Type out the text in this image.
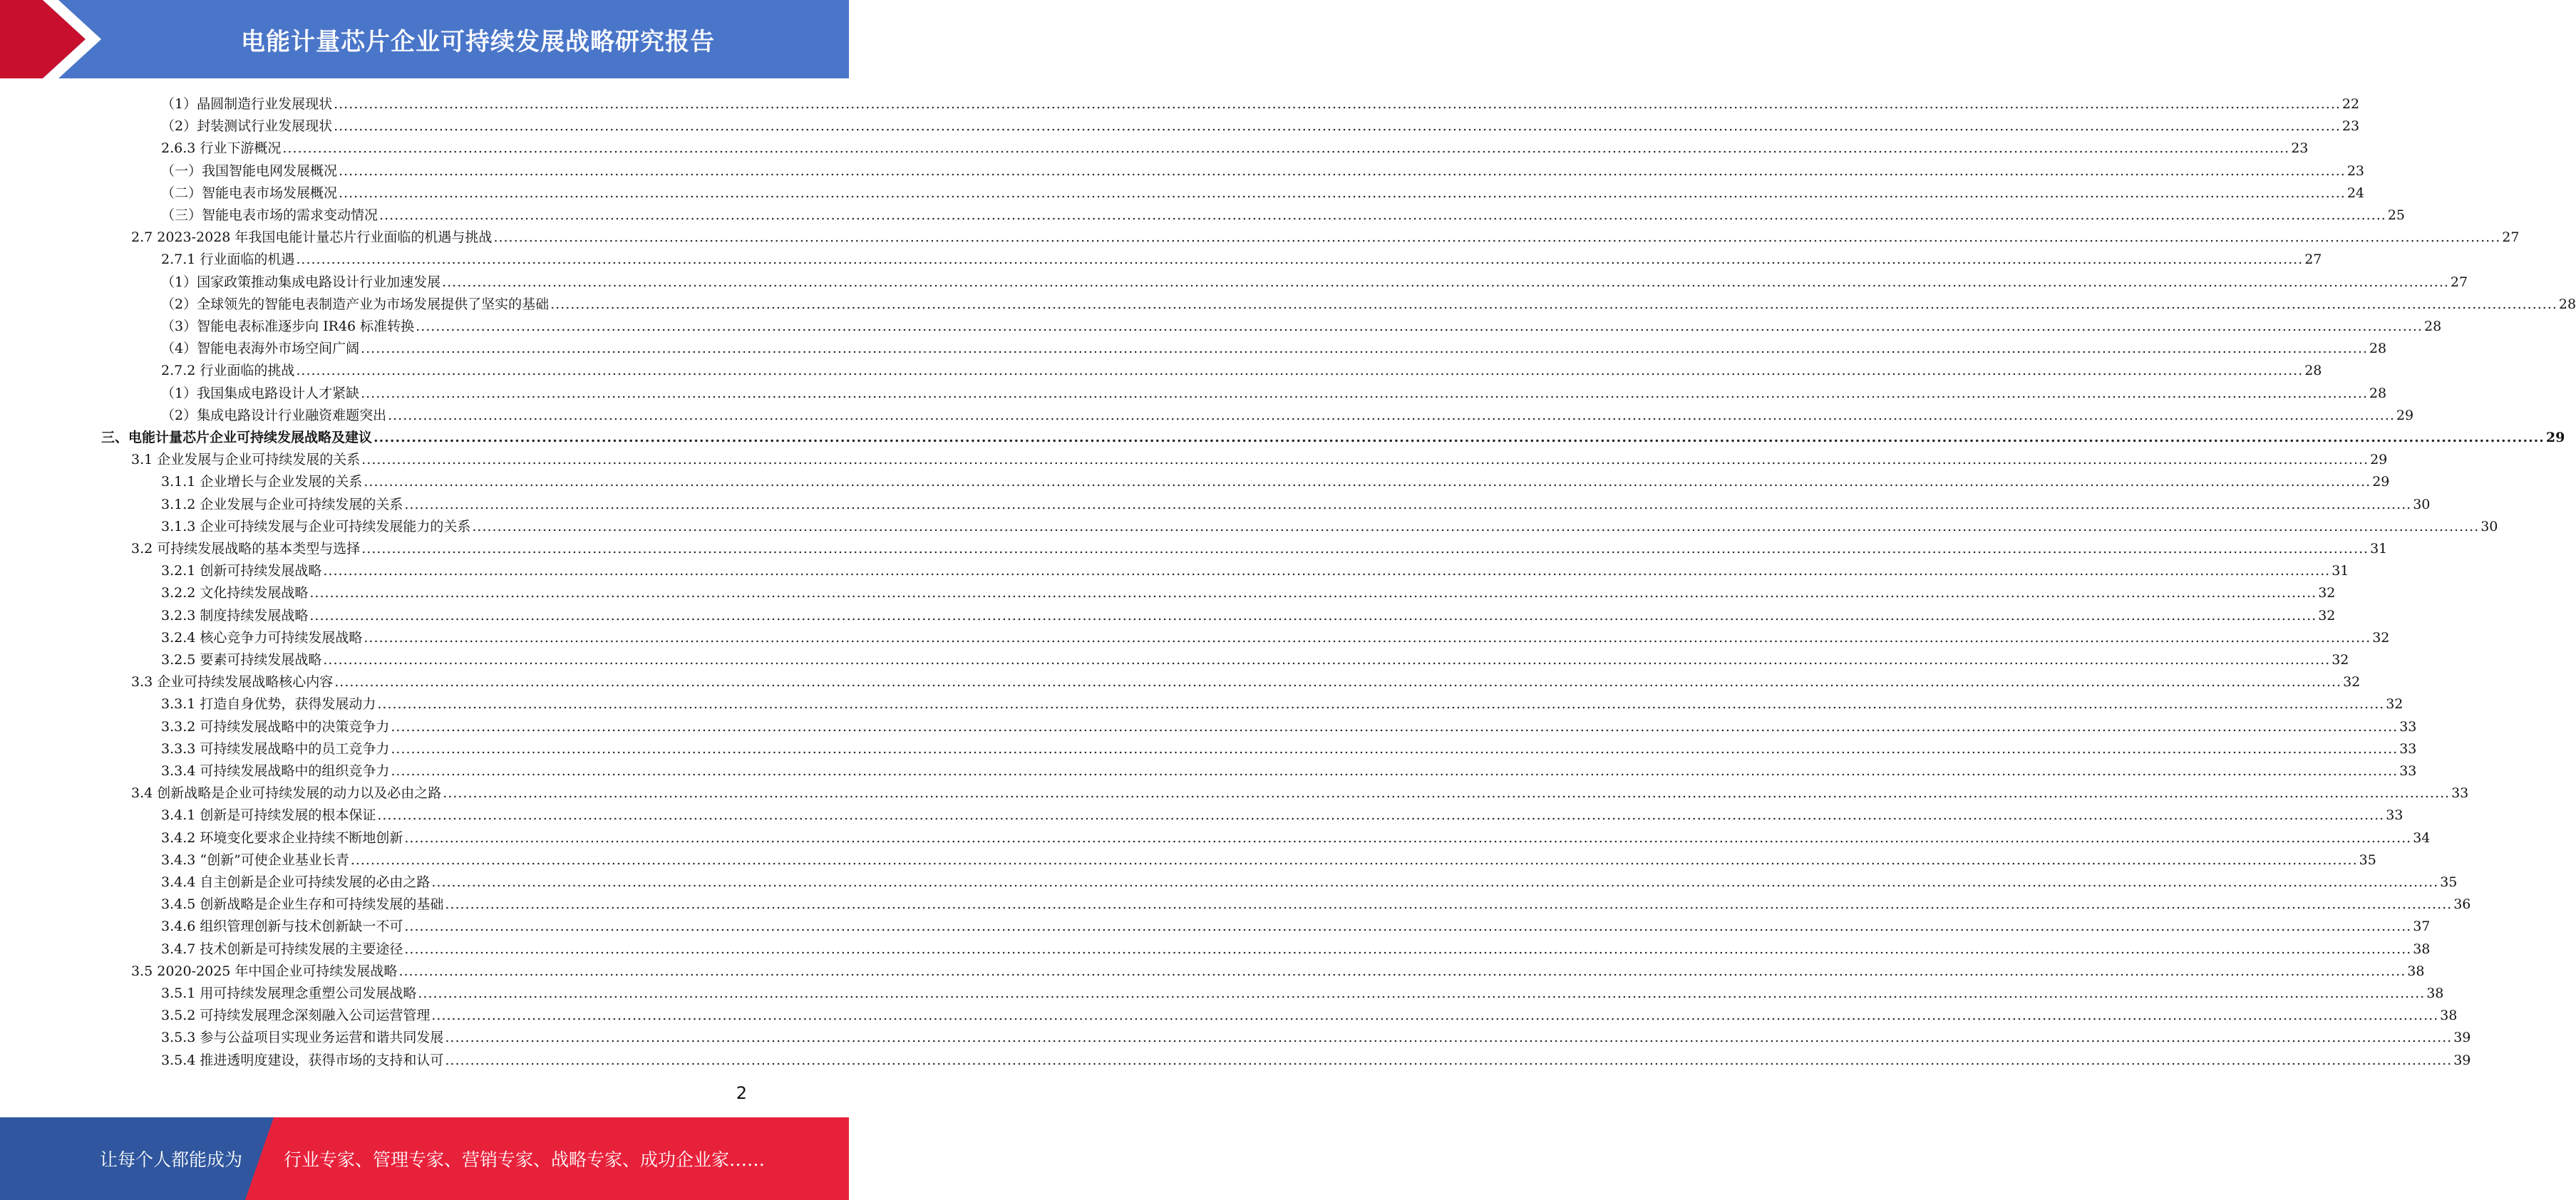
电能计量芯片企业可持续发展战略研究报告
（1）晶圆制造行业发展现状 ................................................................................................................................................................................................................................................................................................................................................................................................................ 22
（2）封装测试行业发展现状 ................................................................................................................................................................................................................................................................................................................................................................................................................ 23
2.6.3 行业下游概况 ................................................................................................................................................................................................................................................................................................................................................................................................................ 23
（一）我国智能电网发展概况 ................................................................................................................................................................................................................................................................................................................................................................................................................ 23
（二）智能电表市场发展概况 ................................................................................................................................................................................................................................................................................................................................................................................................................ 24
（三）智能电表市场的需求变动情况 ................................................................................................................................................................................................................................................................................................................................................................................................................ 25
2.7 2023-2028 年我国电能计量芯片行业面临的机遇与挑战 ................................................................................................................................................................................................................................................................................................................................................................................................................ 27
2.7.1 行业面临的机遇 ................................................................................................................................................................................................................................................................................................................................................................................................................ 27
（1）国家政策推动集成电路设计行业加速发展 ................................................................................................................................................................................................................................................................................................................................................................................................................ 27
（2）全球领先的智能电表制造产业为市场发展提供了坚实的基础 ................................................................................................................................................................................................................................................................................................................................................................................................................ 28
（3）智能电表标准逐步向 IR46 标准转换 ................................................................................................................................................................................................................................................................................................................................................................................................................ 28
（4）智能电表海外市场空间广阔 ................................................................................................................................................................................................................................................................................................................................................................................................................ 28
2.7.2 行业面临的挑战 ................................................................................................................................................................................................................................................................................................................................................................................................................ 28
（1）我国集成电路设计人才紧缺 ................................................................................................................................................................................................................................................................................................................................................................................................................ 28
（2）集成电路设计行业融资难题突出 ................................................................................................................................................................................................................................................................................................................................................................................................................ 29
三、电能计量芯片企业可持续发展战略及建议 ................................................................................................................................................................................................................................................................................................................................................................................................................ 29
3.1 企业发展与企业可持续发展的关系 ................................................................................................................................................................................................................................................................................................................................................................................................................ 29
3.1.1 企业增长与企业发展的关系 ................................................................................................................................................................................................................................................................................................................................................................................................................ 29
3.1.2 企业发展与企业可持续发展的关系 ................................................................................................................................................................................................................................................................................................................................................................................................................ 30
3.1.3 企业可持续发展与企业可持续发展能力的关系 ................................................................................................................................................................................................................................................................................................................................................................................................................ 30
3.2 可持续发展战略的基本类型与选择 ................................................................................................................................................................................................................................................................................................................................................................................................................ 31
3.2.1 创新可持续发展战略 ................................................................................................................................................................................................................................................................................................................................................................................................................ 31
3.2.2 文化持续发展战略 ................................................................................................................................................................................................................................................................................................................................................................................................................ 32
3.2.3 制度持续发展战略 ................................................................................................................................................................................................................................................................................................................................................................................................................ 32
3.2.4 核心竞争力可持续发展战略 ................................................................................................................................................................................................................................................................................................................................................................................................................ 32
3.2.5 要素可持续发展战略 ................................................................................................................................................................................................................................................................................................................................................................................................................ 32
3.3 企业可持续发展战略核心内容 ................................................................................................................................................................................................................................................................................................................................................................................................................ 32
3.3.1 打造自身优势，获得发展动力 ................................................................................................................................................................................................................................................................................................................................................................................................................ 32
3.3.2 可持续发展战略中的决策竞争力 ................................................................................................................................................................................................................................................................................................................................................................................................................ 33
3.3.3 可持续发展战略中的员工竞争力 ................................................................................................................................................................................................................................................................................................................................................................................................................ 33
3.3.4 可持续发展战略中的组织竞争力 ................................................................................................................................................................................................................................................................................................................................................................................................................ 33
3.4 创新战略是企业可持续发展的动力以及必由之路 ................................................................................................................................................................................................................................................................................................................................................................................................................ 33
3.4.1 创新是可持续发展的根本保证 ................................................................................................................................................................................................................................................................................................................................................................................................................ 33
3.4.2 环境变化要求企业持续不断地创新 ................................................................................................................................................................................................................................................................................................................................................................................................................ 34
3.4.3 “创新”可使企业基业长青 ................................................................................................................................................................................................................................................................................................................................................................................................................ 35
3.4.4 自主创新是企业可持续发展的必由之路 ................................................................................................................................................................................................................................................................................................................................................................................................................ 35
3.4.5 创新战略是企业生存和可持续发展的基础 ................................................................................................................................................................................................................................................................................................................................................................................................................ 36
3.4.6 组织管理创新与技术创新缺一不可 ................................................................................................................................................................................................................................................................................................................................................................................................................ 37
3.4.7 技术创新是可持续发展的主要途径 ................................................................................................................................................................................................................................................................................................................................................................................................................ 38
3.5 2020-2025 年中国企业可持续发展战略 ................................................................................................................................................................................................................................................................................................................................................................................................................ 38
3.5.1 用可持续发展理念重塑公司发展战略 ................................................................................................................................................................................................................................................................................................................................................................................................................ 38
3.5.2 可持续发展理念深刻融入公司运营管理 ................................................................................................................................................................................................................................................................................................................................................................................................................ 38
3.5.3 参与公益项目实现业务运营和谐共同发展 ................................................................................................................................................................................................................................................................................................................................................................................................................ 39
3.5.4 推进透明度建设，获得市场的支持和认可 ................................................................................................................................................................................................................................................................................................................................................................................................................ 39
2
让每个人都能成为 行业专家、管理专家、营销专家、战略专家、成功企业家……
